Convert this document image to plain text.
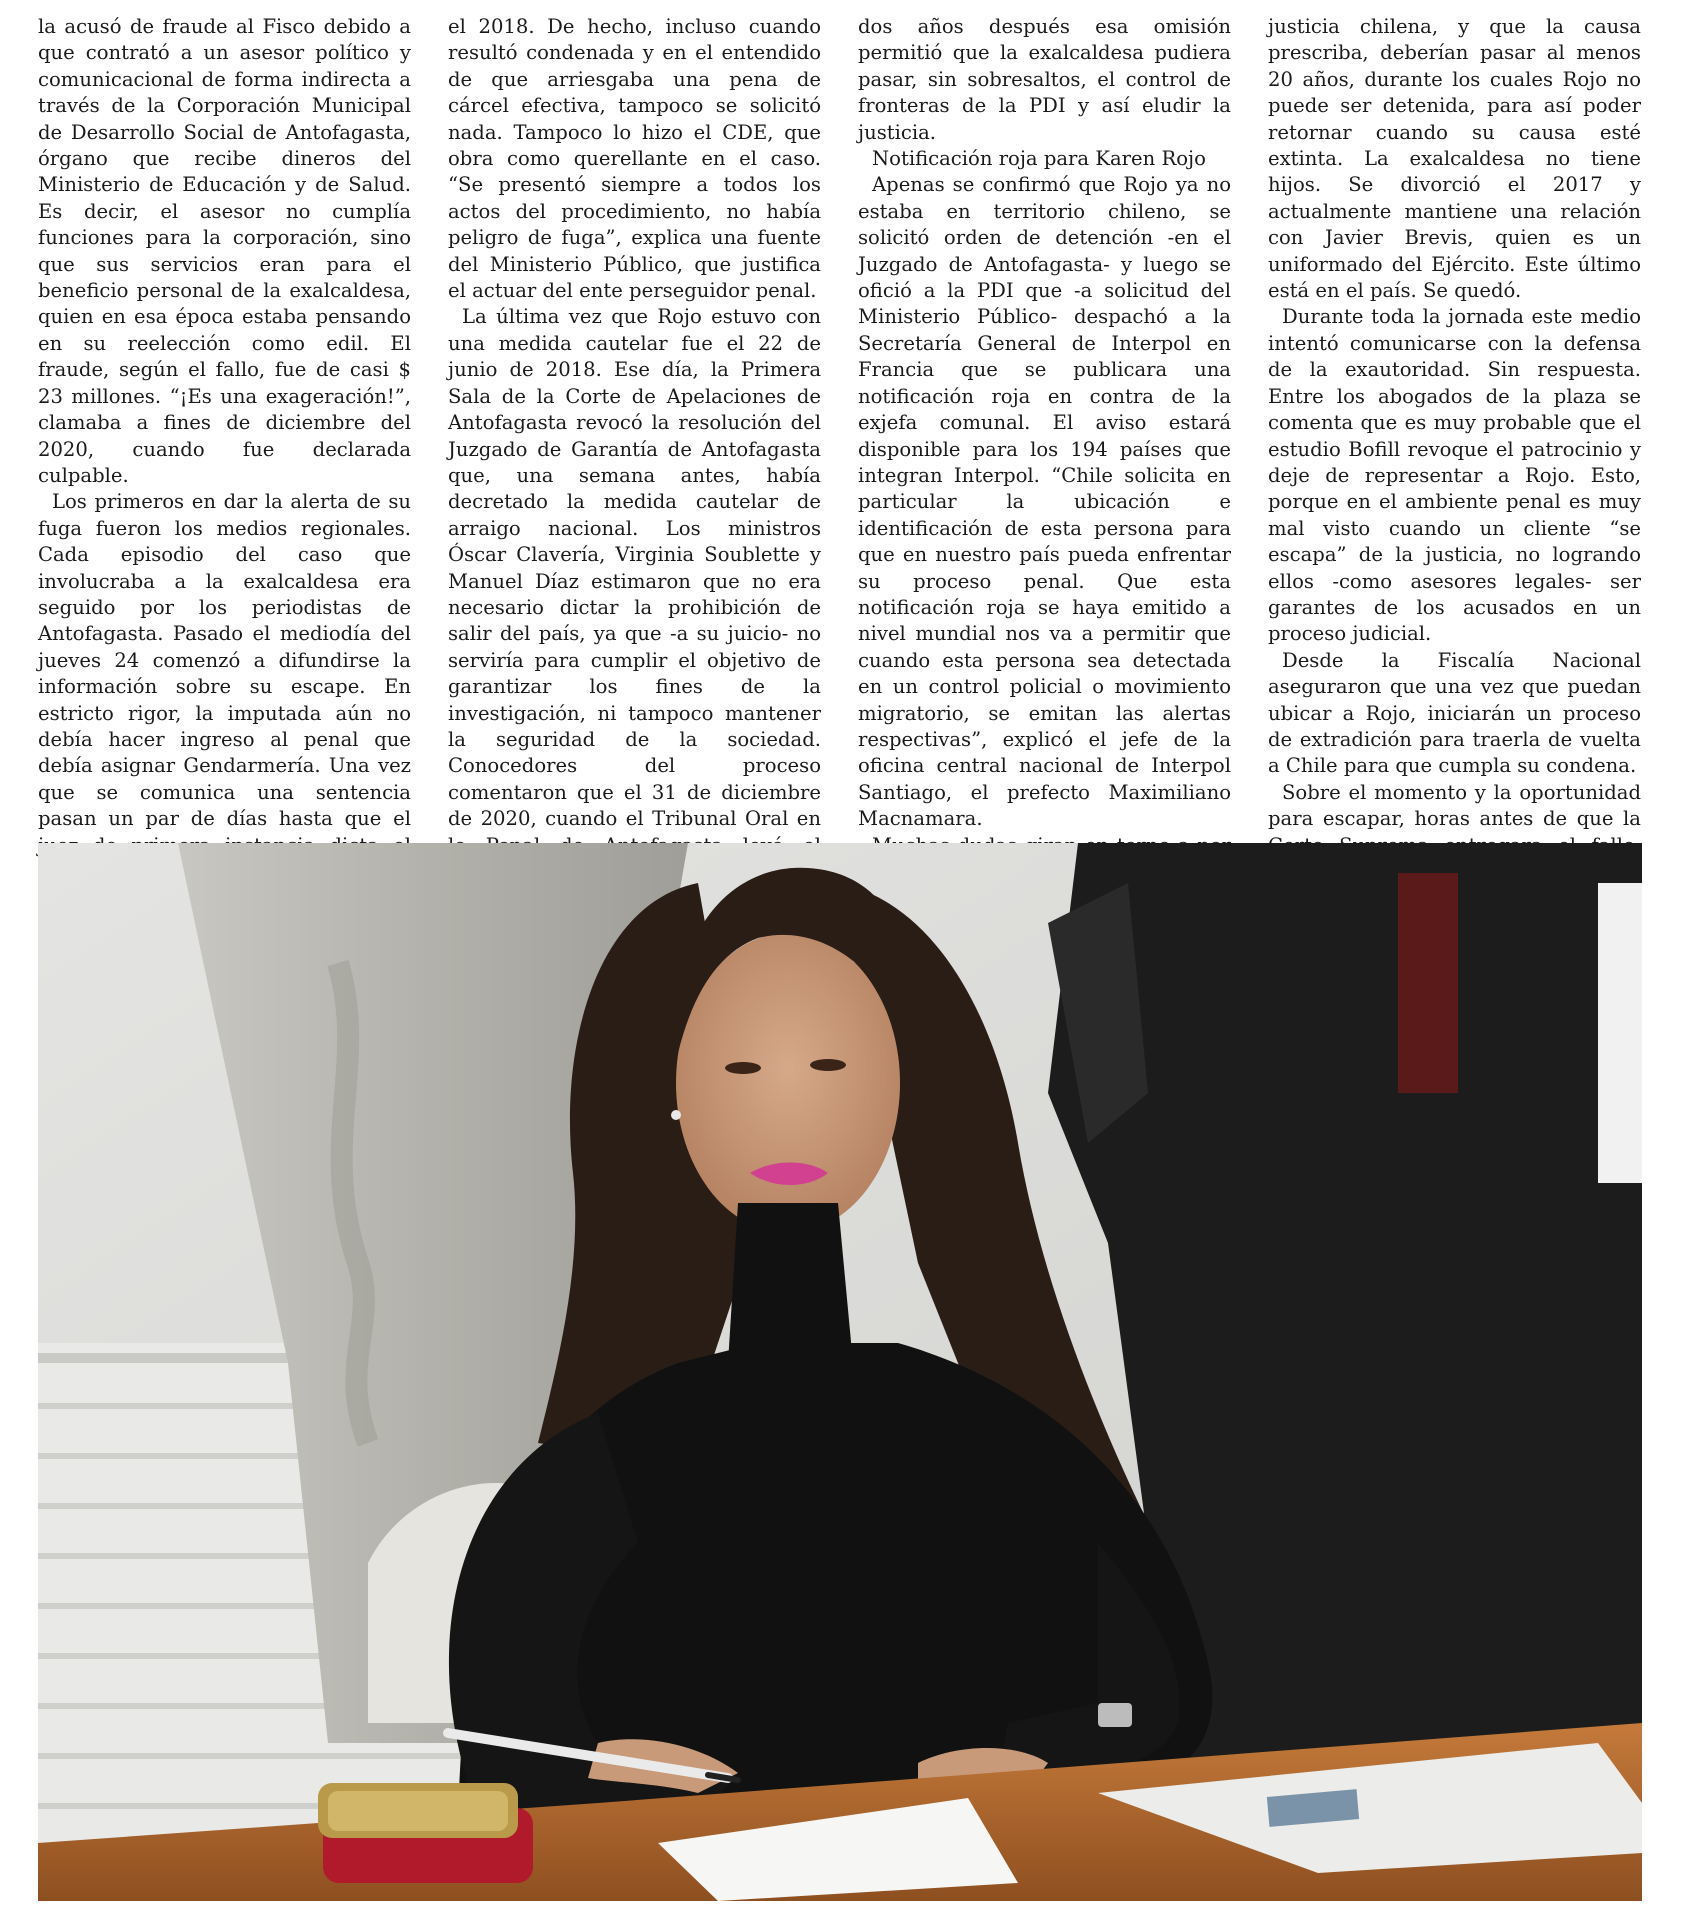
la acusó de fraude al Fisco debido a que contrató a un asesor político y comunicacional de forma indirecta a través de la Corporación Municipal de Desarrollo Social de Antofagasta, órgano que recibe dineros del Ministerio de Educación y de Salud. Es decir, el asesor no cumplía funciones para la corporación, sino que sus servicios eran para el beneficio personal de la exalcaldesa, quien en esa época estaba pensando en su reelección como edil. El fraude, según el fallo, fue de casi $ 23 millones. “¡Es una exageración!”, clamaba a fines de diciembre del 2020, cuando fue declarada culpable.

Los primeros en dar la alerta de su fuga fueron los medios regionales. Cada episodio del caso que involucraba a la exalcaldesa era seguido por los periodistas de Antofagasta. Pasado el mediodía del jueves 24 comenzó a difundirse la información sobre su escape. En estricto rigor, la imputada aún no debía hacer ingreso al penal que debía asignar Gendarmería. Una vez que se comunica una sentencia pasan un par de días hasta que el

el 2018. De hecho, incluso cuando resultó condenada y en el entendido de que arriesgaba una pena de cárcel efectiva, tampoco se solicitó nada. Tampoco lo hizo el CDE, que obra como querellante en el caso. “Se presentó siempre a todos los actos del procedimiento, no había peligro de fuga”, explica una fuente del Ministerio Público, que justifica el actuar del ente perseguidor penal.

La última vez que Rojo estuvo con una medida cautelar fue el 22 de junio de 2018. Ese día, la Primera Sala de la Corte de Apelaciones de Antofagasta revocó la resolución del Juzgado de Garantía de Antofagasta que, una semana antes, había decretado la medida cautelar de arraigo nacional. Los ministros Óscar Clavería, Virginia Soublette y Manuel Díaz estimaron que no era necesario dictar la prohibición de salir del país, ya que -a su juicio- no serviría para cumplir el objetivo de garantizar los fines de la investigación, ni tampoco mantener la seguridad de la sociedad. Conocedores del proceso comentaron que el 31 de diciembre de 2020, cuando el Tribunal Oral en

dos años después esa omisión permitió que la exalcaldesa pudiera pasar, sin sobresaltos, el control de fronteras de la PDI y así eludir la justicia.

Notificación roja para Karen Rojo

Apenas se confirmó que Rojo ya no estaba en territorio chileno, se solicitó orden de detención -en el Juzgado de Antofagasta- y luego se ofició a la PDI que -a solicitud del Ministerio Público- despachó a la Secretaría General de Interpol en Francia que se publicara una notificación roja en contra de la exjefa comunal. El aviso estará disponible para los 194 países que integran Interpol. “Chile solicita en particular la ubicación e identificación de esta persona para que en nuestro país pueda enfrentar su proceso penal. Que esta notificación roja se haya emitido a nivel mundial nos va a permitir que cuando esta persona sea detectada en un control policial o movimiento migratorio, se emitan las alertas respectivas”, explicó el jefe de la oficina central nacional de Interpol Santiago, el prefecto Maximiliano Macnamara.

justicia chilena, y que la causa prescriba, deberían pasar al menos 20 años, durante los cuales Rojo no puede ser detenida, para así poder retornar cuando su causa esté extinta. La exalcaldesa no tiene hijos. Se divorció el 2017 y actualmente mantiene una relación con Javier Brevis, quien es un uniformado del Ejército. Este último está en el país. Se quedó.

Durante toda la jornada este medio intentó comunicarse con la defensa de la exautoridad. Sin respuesta. Entre los abogados de la plaza se comenta que es muy probable que el estudio Bofill revoque el patrocinio y deje de representar a Rojo. Esto, porque en el ambiente penal es muy mal visto cuando un cliente “se escapa” de la justicia, no logrando ellos -como asesores legales- ser garantes de los acusados en un proceso judicial.

Desde la Fiscalía Nacional aseguraron que una vez que puedan ubicar a Rojo, iniciarán un proceso de extradición para traerla de vuelta a Chile para que cumpla su condena.

Sobre el momento y la oportunidad para escapar, horas antes de que la
